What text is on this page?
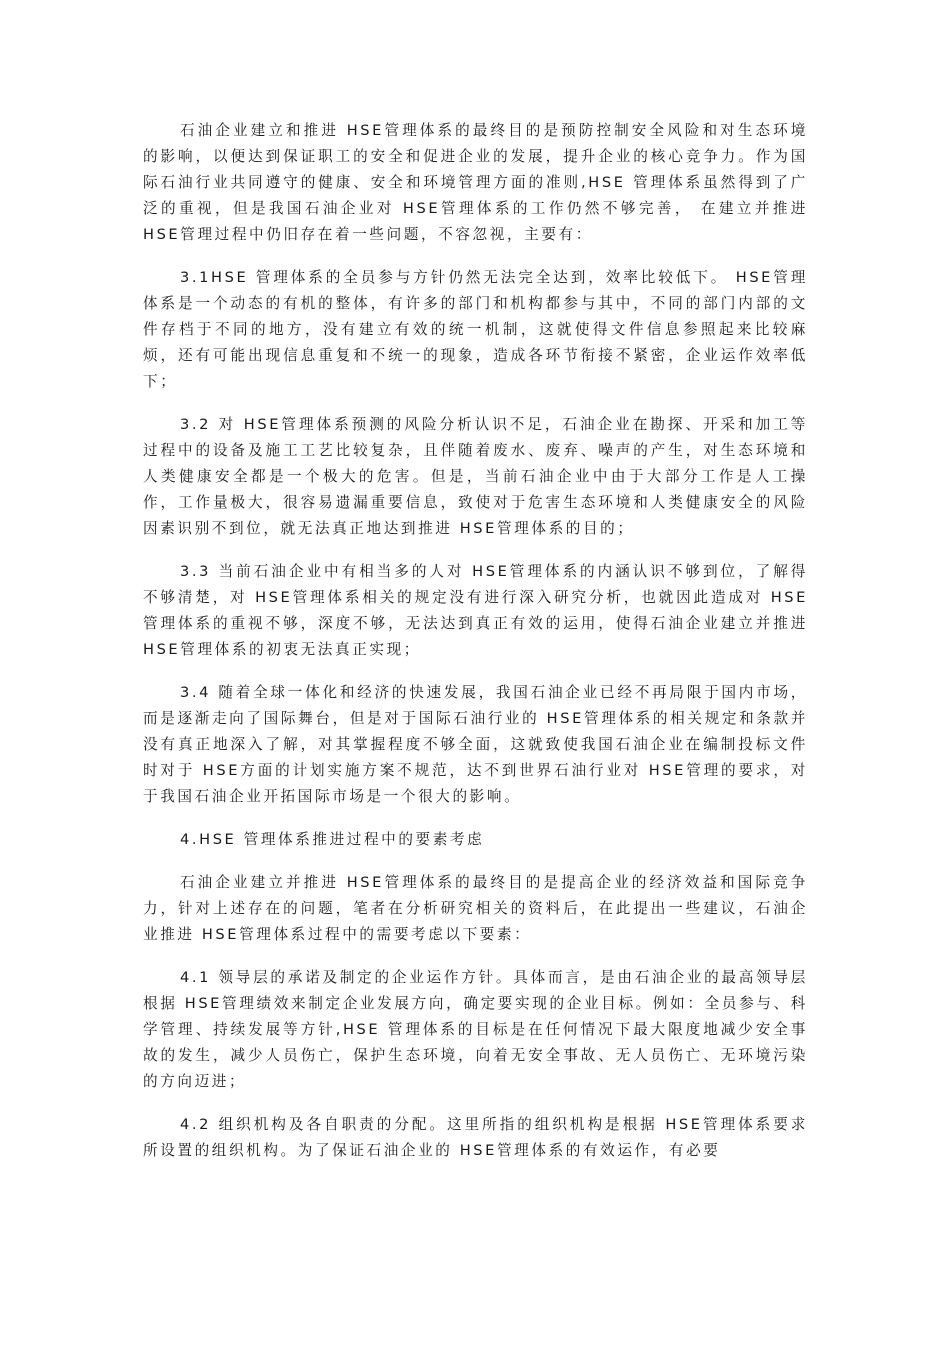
石油企业建立和推进 HSE管理体系的最终目的是预防控制安全风险和对生态环境的影响，以便达到保证职工的安全和促进企业的发展，提升企业的核心竞争力。作为国际石油行业共同遵守的健康、安全和环境管理方面的准则,HSE 管理体系虽然得到了广泛的重视，但是我国石油企业对 HSE管理体系的工作仍然不够完善， 在建立并推进 HSE管理过程中仍旧存在着一些问题，不容忽视，主要有：

3.1HSE 管理体系的全员参与方针仍然无法完全达到，效率比较低下。 HSE管理体系是一个动态的有机的整体，有许多的部门和机构都参与其中，不同的部门内部的文件存档于不同的地方，没有建立有效的统一机制，这就使得文件信息参照起来比较麻烦，还有可能出现信息重复和不统一的现象，造成各环节衔接不紧密，企业运作效率低下；

3.2 对 HSE管理体系预测的风险分析认识不足，石油企业在勘探、开采和加工等过程中的设备及施工工艺比较复杂，且伴随着废水、废弃、噪声的产生，对生态环境和人类健康安全都是一个极大的危害。但是，当前石油企业中由于大部分工作是人工操作，工作量极大，很容易遗漏重要信息，致使对于危害生态环境和人类健康安全的风险因素识别不到位，就无法真正地达到推进 HSE管理体系的目的；

3.3 当前石油企业中有相当多的人对 HSE管理体系的内涵认识不够到位，了解得不够清楚，对 HSE管理体系相关的规定没有进行深入研究分析，也就因此造成对 HSE管理体系的重视不够，深度不够，无法达到真正有效的运用，使得石油企业建立并推进 HSE管理体系的初衷无法真正实现；

3.4 随着全球一体化和经济的快速发展，我国石油企业已经不再局限于国内市场，而是逐渐走向了国际舞台，但是对于国际石油行业的 HSE管理体系的相关规定和条款并没有真正地深入了解，对其掌握程度不够全面，这就致使我国石油企业在编制投标文件时对于 HSE方面的计划实施方案不规范，达不到世界石油行业对 HSE管理的要求，对于我国石油企业开拓国际市场是一个很大的影响。

4.HSE 管理体系推进过程中的要素考虑

石油企业建立并推进 HSE管理体系的最终目的是提高企业的经济效益和国际竞争力，针对上述存在的问题，笔者在分析研究相关的资料后，在此提出一些建议，石油企业推进 HSE管理体系过程中的需要考虑以下要素：

4.1 领导层的承诺及制定的企业运作方针。具体而言，是由石油企业的最高领导层根据 HSE管理绩效来制定企业发展方向，确定要实现的企业目标。例如：全员参与、科学管理、持续发展等方针,HSE 管理体系的目标是在任何情况下最大限度地减少安全事故的发生，减少人员伤亡，保护生态环境，向着无安全事故、无人员伤亡、无环境污染的方向迈进；

4.2 组织机构及各自职责的分配。这里所指的组织机构是根据 HSE管理体系要求所设置的组织机构。为了保证石油企业的 HSE管理体系的有效运作，有必要
